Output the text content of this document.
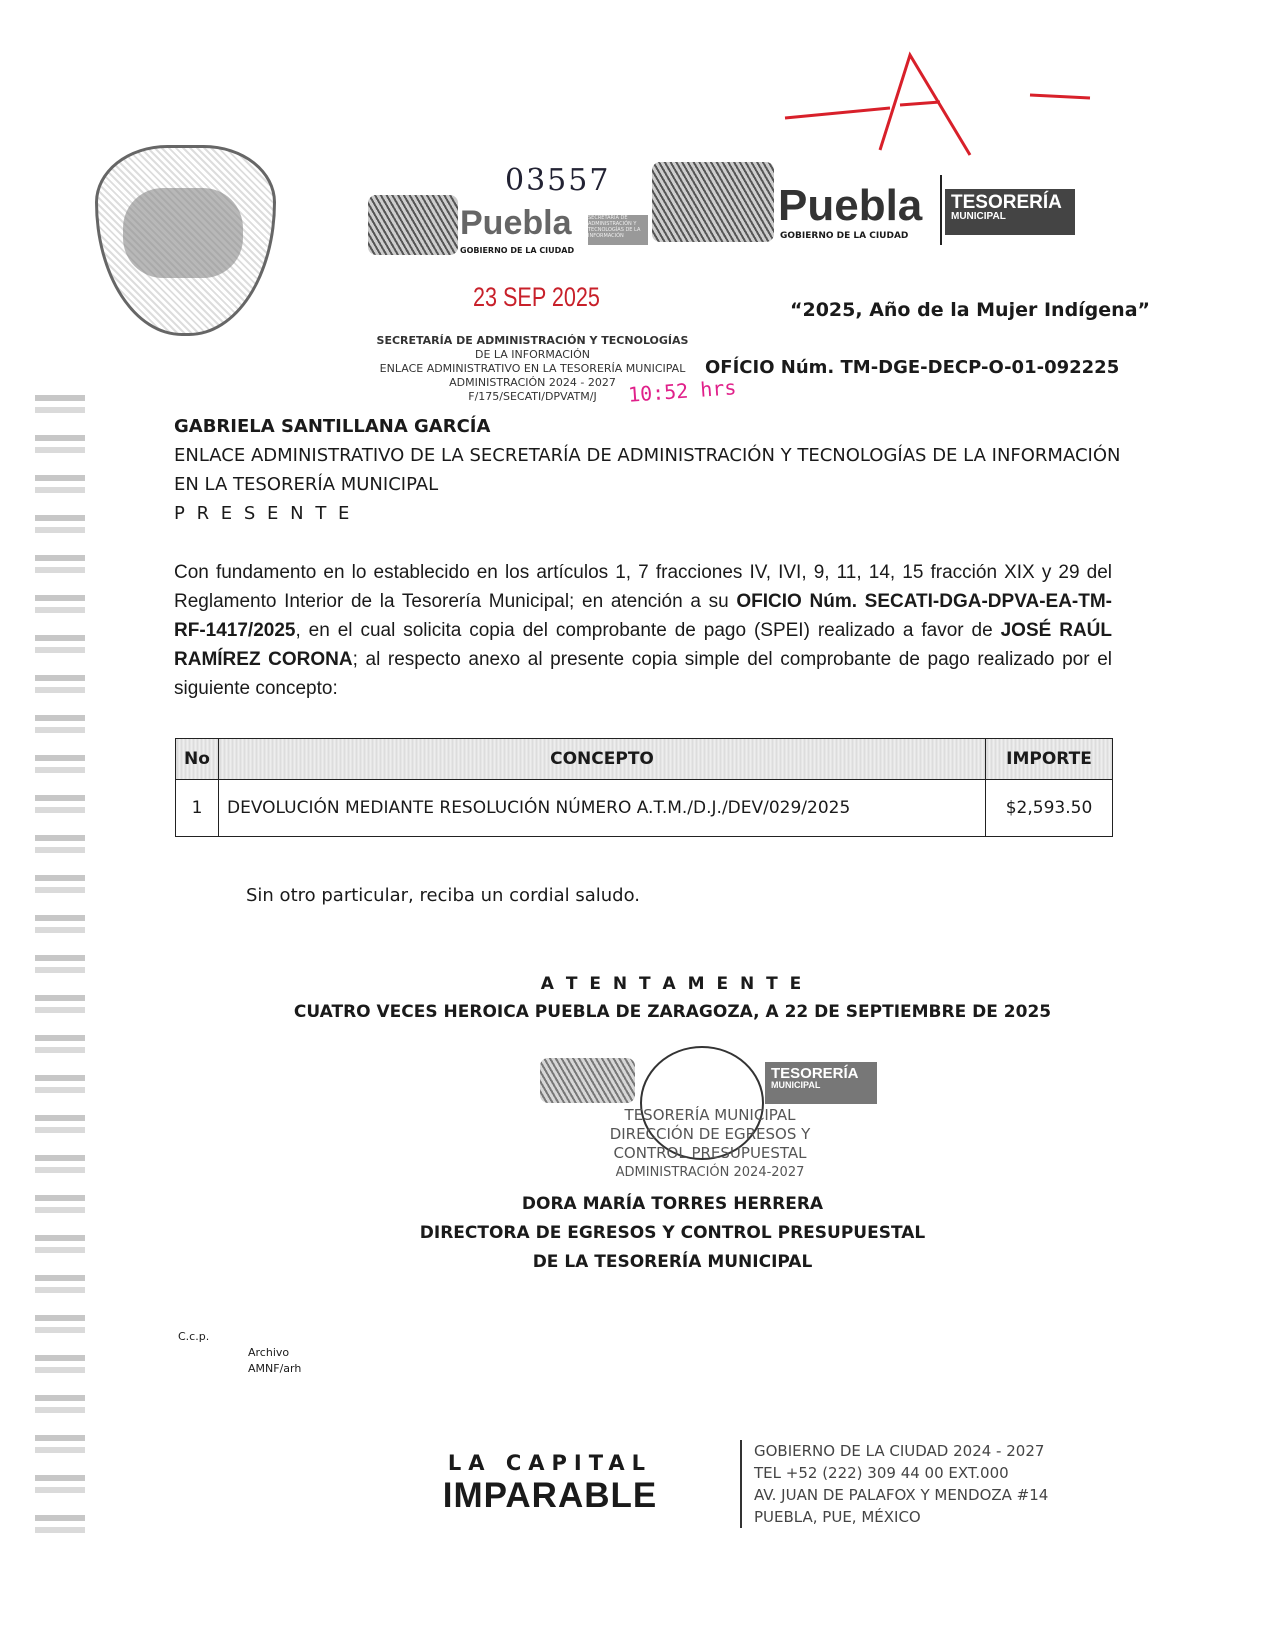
03557
Puebla
GOBIERNO DE LA CIUDAD
SECRETARÍA DE ADMINISTRACIÓN Y TECNOLOGÍAS DE LA INFORMACIÓN
Puebla
GOBIERNO DE LA CIUDAD
TESORERÍA
MUNICIPAL
23 SEP 2025	“2025, Año de la Mujer Indígena”
SECRETARÍA DE ADMINISTRACIÓN Y TECNOLOGÍAS
DE LA INFORMACIÓN
ENLACE ADMINISTRATIVO EN LA TESORERÍA MUNICIPAL
ADMINISTRACIÓN 2024 - 2027
F/175/SECATI/DPVATM/J	10:52 hrs
OFÍCIO Núm. TM-DGE-DECP-O-01-092225
GABRIELA SANTILLANA GARCÍA
ENLACE ADMINISTRATIVO DE LA SECRETARÍA DE ADMINISTRACIÓN Y TECNOLOGÍAS DE LA INFORMACIÓN
EN LA TESORERÍA MUNICIPAL
P R E S E N T E
Con fundamento en lo establecido en los artículos 1, 7 fracciones IV, IVI, 9, 11, 14, 15 fracción XIX y 29 del Reglamento Interior de la Tesorería Municipal; en atención a su OFICIO Núm. SECATI-DGA-DPVA-EA-TM-RF-1417/2025, en el cual solicita copia del comprobante de pago (SPEI) realizado a favor de JOSÉ RAÚL RAMÍREZ CORONA; al respecto anexo al presente copia simple del comprobante de pago realizado por el siguiente concepto:
No	CONCEPTO	IMPORTE
1	DEVOLUCIÓN MEDIANTE RESOLUCIÓN NÚMERO A.T.M./D.J./DEV/029/2025	$2,593.50
Sin otro particular, reciba un cordial saludo.
A T E N T A M E N T E
CUATRO VECES HEROICA PUEBLA DE ZARAGOZA, A 22 DE SEPTIEMBRE DE 2025
TESORERÍA
MUNICIPAL
TESORERÍA MUNICIPAL
DIRECCIÓN DE EGRESOS Y
CONTROL PRESUPUESTAL
ADMINISTRACIÓN 2024-2027
DORA MARÍA TORRES HERRERA
DIRECTORA DE EGRESOS Y CONTROL PRESUPUESTAL
DE LA TESORERÍA MUNICIPAL
C.c.p.
Archivo
AMNF/arh
LA CAPITAL
IMPARABLE
GOBIERNO DE LA CIUDAD 2024 - 2027
TEL +52 (222) 309 44 00 EXT.000
AV. JUAN DE PALAFOX Y MENDOZA #14
PUEBLA, PUE, MÉXICO
